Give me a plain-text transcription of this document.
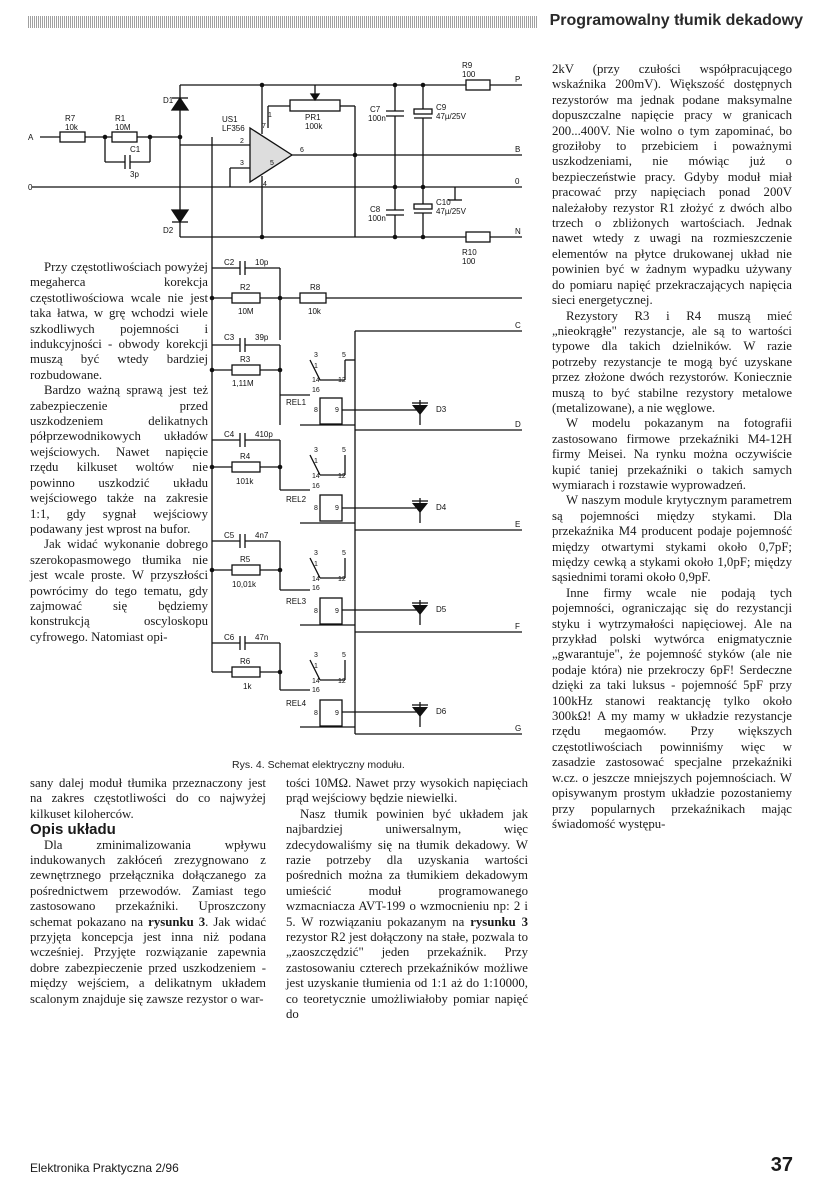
Programowalny tłumik dekadowy
A
0
R7
10k
R1
10M
C1
3p
D1
D2
US1
LF356
2
3
7
4
5
6
1	PR1
100k
C7
100n
C8
100n
C9
47µ/25V
C10
47µ/25V
R9
100
R10
100
P
B
0
N
C2	10p
R2
10M
R8
10k
C
C3	39p
R3
1,11M
REL1
D3
D
C4	410p
R4
101k
REL2
D4
E
C5	4n7
R5
10,01k
REL3
D5
F
C6	47n
R6
1k
REL4
D6
G
3	5
1
14	12
16
8 9
3	5
1
14	12
16
8 9
3	5
1
14	12
16
8 9
3	5
1
14	12
16
8 9
Rys. 4. Schemat elektryczny modułu.

Przy częstotliwościach powyżej megaherca korekcja częstotliwościowa wcale nie jest taka łatwa, w grę wchodzi wiele szkodliwych pojemności i indukcyjności - obwody korekcji muszą być wtedy bardziej rozbudowane.

Bardzo ważną sprawą jest też zabezpieczenie przed uszkodzeniem delikatnych półprzewodnikowych układów wejściowych. Nawet napięcie rzędu kilkuset woltów nie powinno uszkodzić układu wejściowego także na zakresie 1:1, gdy sygnał wejściowy podawany jest wprost na bufor.

Jak widać wykonanie dobrego szerokopasmowego tłumika nie jest wcale proste. W przyszłości powrócimy do tego tematu, gdy zajmować się będziemy konstrukcją oscyloskopu cyfrowego. Natomiast opi-

sany dalej moduł tłumika przeznaczony jest na zakres częstotliwości do co najwyżej kilkuset kiloherców.

Opis układu

Dla zminimalizowania wpływu indukowanych zakłóceń zrezygnowano z zewnętrznego przełącznika dołączanego za pośrednictwem przewodów. Zamiast tego zastosowano przekaźniki. Uproszczony schemat pokazano na rysunku 3. Jak widać przyjęta koncepcja jest inna niż podana wcześniej. Przyjęte rozwiązanie zapewnia dobre zabezpieczenie przed uszkodzeniem - między wejściem, a delikatnym układem scalonym znajduje się zawsze rezystor o war-

tości 10MΩ. Nawet przy wysokich napięciach prąd wejściowy będzie niewielki.

Nasz tłumik powinien być układem jak najbardziej uniwersalnym, więc zdecydowaliśmy się na tłumik dekadowy. W razie potrzeby dla uzyskania wartości pośrednich można za tłumikiem dekadowym umieścić moduł programowanego wzmacniacza AVT-199 o wzmocnieniu np: 2 i 5. W rozwiązaniu pokazanym na rysunku 3 rezystor R2 jest dołączony na stałe, pozwala to „zaoszczędzić" jeden przekaźnik. Przy zastosowaniu czterech przekaźników możliwe jest uzyskanie tłumienia od 1:1 aż do 1:10000, co teoretycznie umożliwiałoby pomiar napięć do

2kV (przy czułości współpracującego wskaźnika 200mV). Większość dostępnych rezystorów ma jednak podane maksymalne dopuszczalne napięcie pracy w granicach 200...400V. Nie wolno o tym zapominać, bo groziłoby to przebiciem i poważnymi uszkodzeniami, nie mówiąc już o bezpieczeństwie pracy. Gdyby moduł miał pracować przy napięciach ponad 200V należałoby rezystor R1 złożyć z dwóch albo trzech o zbliżonych wartościach. Jednak nawet wtedy z uwagi na rozmieszczenie elementów na płytce drukowanej układ nie powinien być w żadnym wypadku używany do pomiaru napięć przekraczających napięcia sieci energetycznej.

Rezystory R3 i R4 muszą mieć „nieokrągłe" rezystancje, ale są to wartości typowe dla takich dzielników. W razie potrzeby rezystancje te mogą być uzyskane przez złożone dwóch rezystorów. Koniecznie muszą to być stabilne rezystory metalowe (metalizowane), a nie węglowe.

W modelu pokazanym na fotografii zastosowano firmowe przekaźniki M4-12H firmy Meisei. Na rynku można oczywiście kupić taniej przekaźniki o takich samych wymiarach i rozstawie wyprowadzeń.

W naszym module krytycznym parametrem są pojemności między stykami. Dla przekaźnika M4 producent podaje pojemność między otwartymi stykami około 0,7pF; między cewką a stykami około 1,0pF; między sąsiednimi torami około 0,9pF.

Inne firmy wcale nie podają tych pojemności, ograniczając się do rezystancji styku i wytrzymałości napięciowej. Ale na przykład polski wytwórca enigmatycznie „gwarantuje", że pojemność styków (ale nie podaje która) nie przekroczy 6pF! Serdeczne dzięki za taki luksus - pojemność 5pF przy 100kHz stanowi reaktancję tylko około 300kΩ! A my mamy w układzie rezystancje rzędu megaomów. Przy większych częstotliwościach powinniśmy więc w zasadzie zastosować specjalne przekaźniki w.cz. o jeszcze mniejszych pojemnościach. W opisywanym prostym układzie pozostaniemy przy popularnych przekaźnikach mając świadomość występu-

Elektronika Praktyczna 2/96	37
